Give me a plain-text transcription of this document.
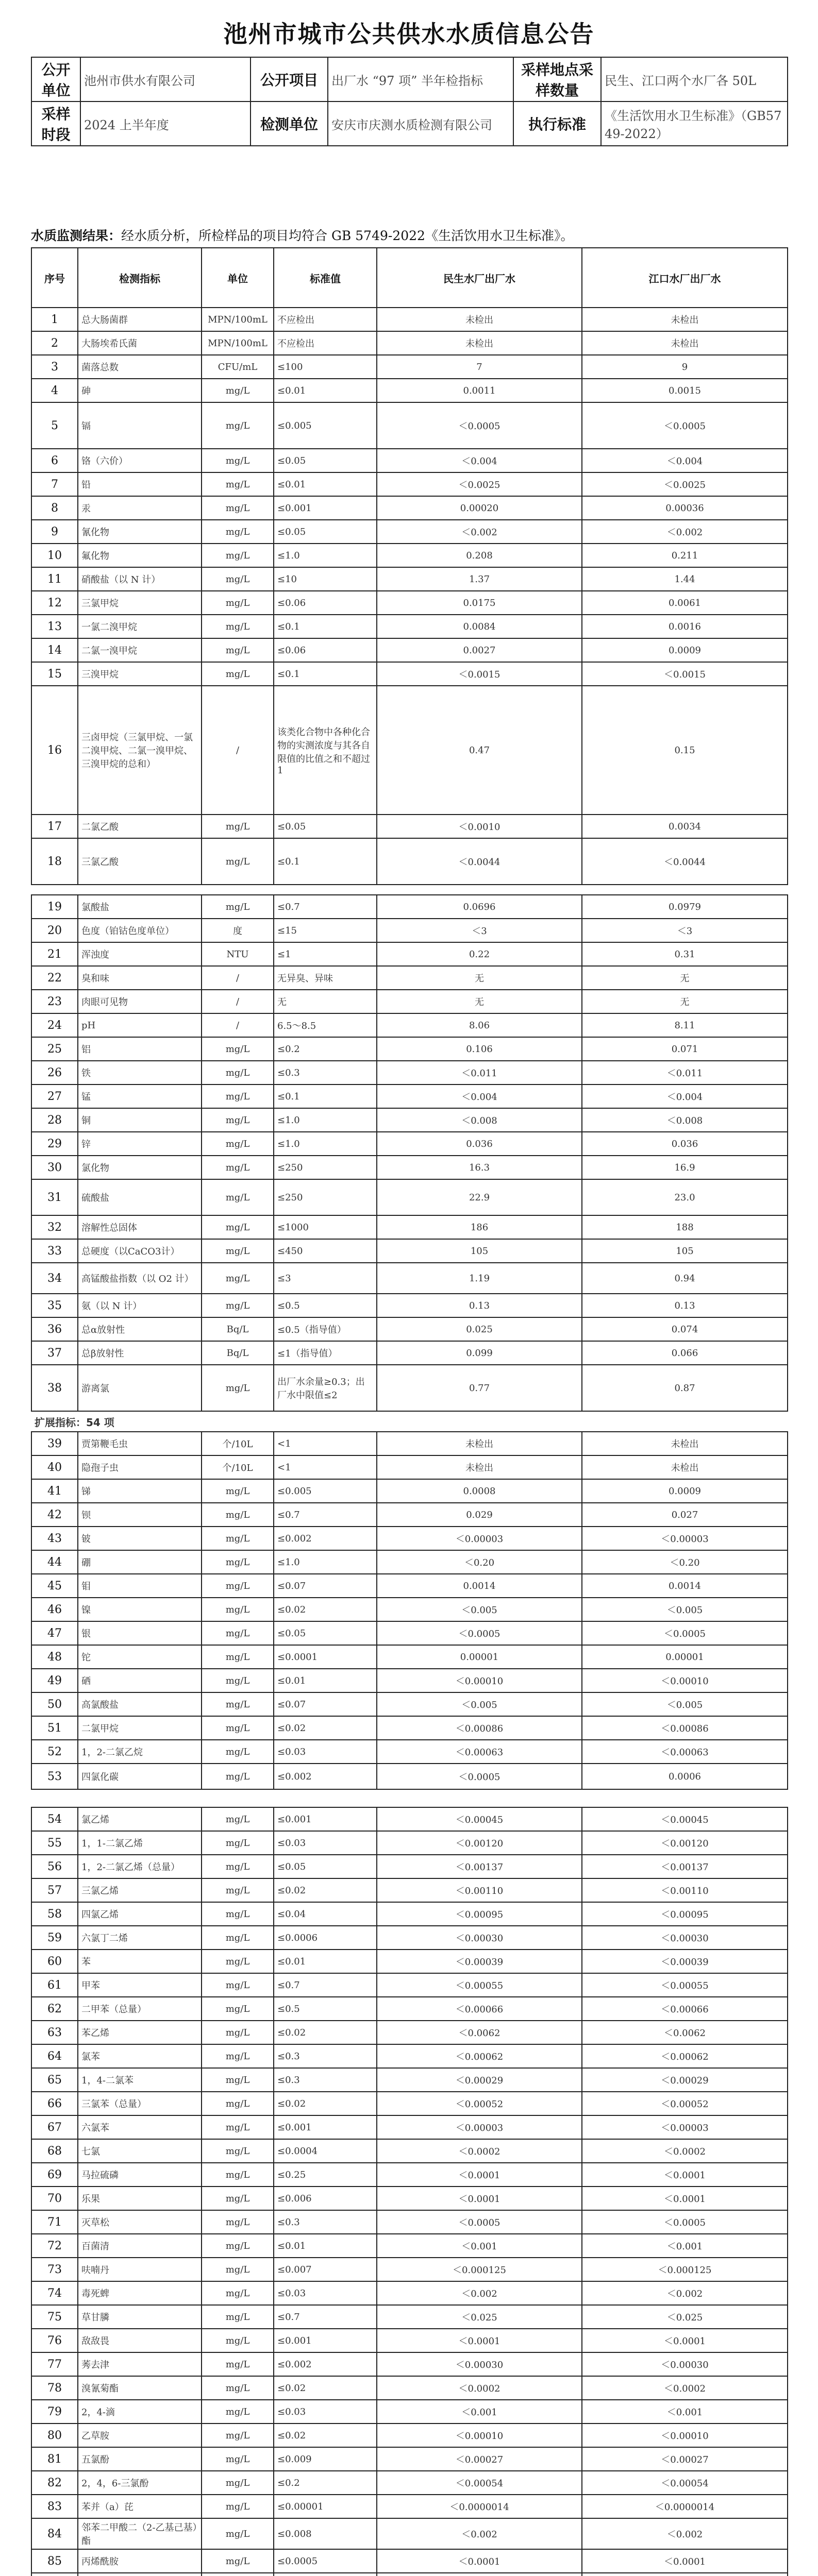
池州市城市公共供水水质信息公告
公开单位	池州市供水有限公司	公开项目	出厂水 “97 项” 半年检指标	采样地点采样数量	民生、江口两个水厂各 50L
采样时段	2024 上半年度	检测单位	安庆市庆测水质检测有限公司	执行标准	《生活饮用水卫生标准》（GB5749-2022）
水质监测结果：经水质分析，所检样品的项目均符合 GB 5749-2022《生活饮用水卫生标准》。
序号	检测指标	单位	标准值	民生水厂出厂水	江口水厂出厂水
1	总大肠菌群	MPN/100mL	不应检出	未检出	未检出
2	大肠埃希氏菌	MPN/100mL	不应检出	未检出	未检出
3	菌落总数	CFU/mL	≤100	7	9
4	砷	mg/L	≤0.01	0.0011	0.0015
5	镉	mg/L	≤0.005	＜0.0005	＜0.0005
6	铬（六价）	mg/L	≤0.05	＜0.004	＜0.004
7	铅	mg/L	≤0.01	＜0.0025	＜0.0025
8	汞	mg/L	≤0.001	0.00020	0.00036
9	氰化物	mg/L	≤0.05	＜0.002	＜0.002
10	氟化物	mg/L	≤1.0	0.208	0.211
11	硝酸盐（以 N 计）	mg/L	≤10	1.37	1.44
12	三氯甲烷	mg/L	≤0.06	0.0175	0.0061
13	一氯二溴甲烷	mg/L	≤0.1	0.0084	0.0016
14	二氯一溴甲烷	mg/L	≤0.06	0.0027	0.0009
15	三溴甲烷	mg/L	≤0.1	＜0.0015	＜0.0015
16	三卤甲烷（三氯甲烷、一氯二溴甲烷、二氯一溴甲烷、三溴甲烷的总和）	/	该类化合物中各种化合物的实测浓度与其各自限值的比值之和不超过 1	0.47	0.15
17	二氯乙酸	mg/L	≤0.05	＜0.0010	0.0034
18	三氯乙酸	mg/L	≤0.1	＜0.0044	＜0.0044

19	氯酸盐	mg/L	≤0.7	0.0696	0.0979
20	色度（铂钴色度单位）	度	≤15	＜3	＜3
21	浑浊度	NTU	≤1	0.22	0.31
22	臭和味	/	无异臭、异味	无	无
23	肉眼可见物	/	无	无	无
24	pH	/	6.5～8.5	8.06	8.11
25	铝	mg/L	≤0.2	0.106	0.071
26	铁	mg/L	≤0.3	＜0.011	＜0.011
27	锰	mg/L	≤0.1	＜0.004	＜0.004
28	铜	mg/L	≤1.0	＜0.008	＜0.008
29	锌	mg/L	≤1.0	0.036	0.036
30	氯化物	mg/L	≤250	16.3	16.9
31	硫酸盐	mg/L	≤250	22.9	23.0
32	溶解性总固体	mg/L	≤1000	186	188
33	总硬度（以CaCO3计）	mg/L	≤450	105	105
34	高锰酸盐指数（以 O2 计）	mg/L	≤3	1.19	0.94
35	氨（以 N 计）	mg/L	≤0.5	0.13	0.13
36	总α放射性	Bq/L	≤0.5（指导值）	0.025	0.074
37	总β放射性	Bq/L	≤1（指导值）	0.099	0.066
38	游离氯	mg/L	出厂水余量≥0.3；出厂水中限值≤2	0.77	0.87
扩展指标：54 项					
39	贾第鞭毛虫	个/10L	<1	未检出	未检出
40	隐孢子虫	个/10L	<1	未检出	未检出
41	锑	mg/L	≤0.005	0.0008	0.0009
42	钡	mg/L	≤0.7	0.029	0.027
43	铍	mg/L	≤0.002	＜0.00003	＜0.00003
44	硼	mg/L	≤1.0	＜0.20	＜0.20
45	钼	mg/L	≤0.07	0.0014	0.0014
46	镍	mg/L	≤0.02	＜0.005	＜0.005
47	银	mg/L	≤0.05	＜0.0005	＜0.0005
48	铊	mg/L	≤0.0001	0.00001	0.00001
49	硒	mg/L	≤0.01	＜0.00010	＜0.00010
50	高氯酸盐	mg/L	≤0.07	＜0.005	＜0.005
51	二氯甲烷	mg/L	≤0.02	＜0.00086	＜0.00086
52	1，2-二氯乙烷	mg/L	≤0.03	＜0.00063	＜0.00063
53	四氯化碳	mg/L	≤0.002	＜0.0005	0.0006

54	氯乙烯	mg/L	≤0.001	＜0.00045	＜0.00045
55	1，1-二氯乙烯	mg/L	≤0.03	＜0.00120	＜0.00120
56	1，2-二氯乙烯（总量）	mg/L	≤0.05	＜0.00137	＜0.00137
57	三氯乙烯	mg/L	≤0.02	＜0.00110	＜0.00110
58	四氯乙烯	mg/L	≤0.04	＜0.00095	＜0.00095
59	六氯丁二烯	mg/L	≤0.0006	＜0.00030	＜0.00030
60	苯	mg/L	≤0.01	＜0.00039	＜0.00039
61	甲苯	mg/L	≤0.7	＜0.00055	＜0.00055
62	二甲苯（总量）	mg/L	≤0.5	＜0.00066	＜0.00066
63	苯乙烯	mg/L	≤0.02	＜0.0062	＜0.0062
64	氯苯	mg/L	≤0.3	＜0.00062	＜0.00062
65	1，4-二氯苯	mg/L	≤0.3	＜0.00029	＜0.00029
66	三氯苯（总量）	mg/L	≤0.02	＜0.00052	＜0.00052
67	六氯苯	mg/L	≤0.001	＜0.00003	＜0.00003
68	七氯	mg/L	≤0.0004	＜0.0002	＜0.0002
69	马拉硫磷	mg/L	≤0.25	＜0.0001	＜0.0001
70	乐果	mg/L	≤0.006	＜0.0001	＜0.0001
71	灭草松	mg/L	≤0.3	＜0.0005	＜0.0005
72	百菌清	mg/L	≤0.01	＜0.001	＜0.001
73	呋喃丹	mg/L	≤0.007	＜0.000125	＜0.000125
74	毒死蜱	mg/L	≤0.03	＜0.002	＜0.002
75	草甘膦	mg/L	≤0.7	＜0.025	＜0.025
76	敌敌畏	mg/L	≤0.001	＜0.0001	＜0.0001
77	莠去津	mg/L	≤0.002	＜0.00030	＜0.00030
78	溴氰菊酯	mg/L	≤0.02	＜0.0002	＜0.0002
79	2，4-滴	mg/L	≤0.03	＜0.001	＜0.001
80	乙草胺	mg/L	≤0.02	＜0.00010	＜0.00010
81	五氯酚	mg/L	≤0.009	＜0.00027	＜0.00027
82	2，4，6-三氯酚	mg/L	≤0.2	＜0.00054	＜0.00054
83	苯并（a）芘	mg/L	≤0.00001	＜0.0000014	＜0.0000014
84	邻苯二甲酸二（2-乙基己基）酯	mg/L	≤0.008	＜0.002	＜0.002
85	丙烯酰胺	mg/L	≤0.0005	＜0.0001	＜0.0001
